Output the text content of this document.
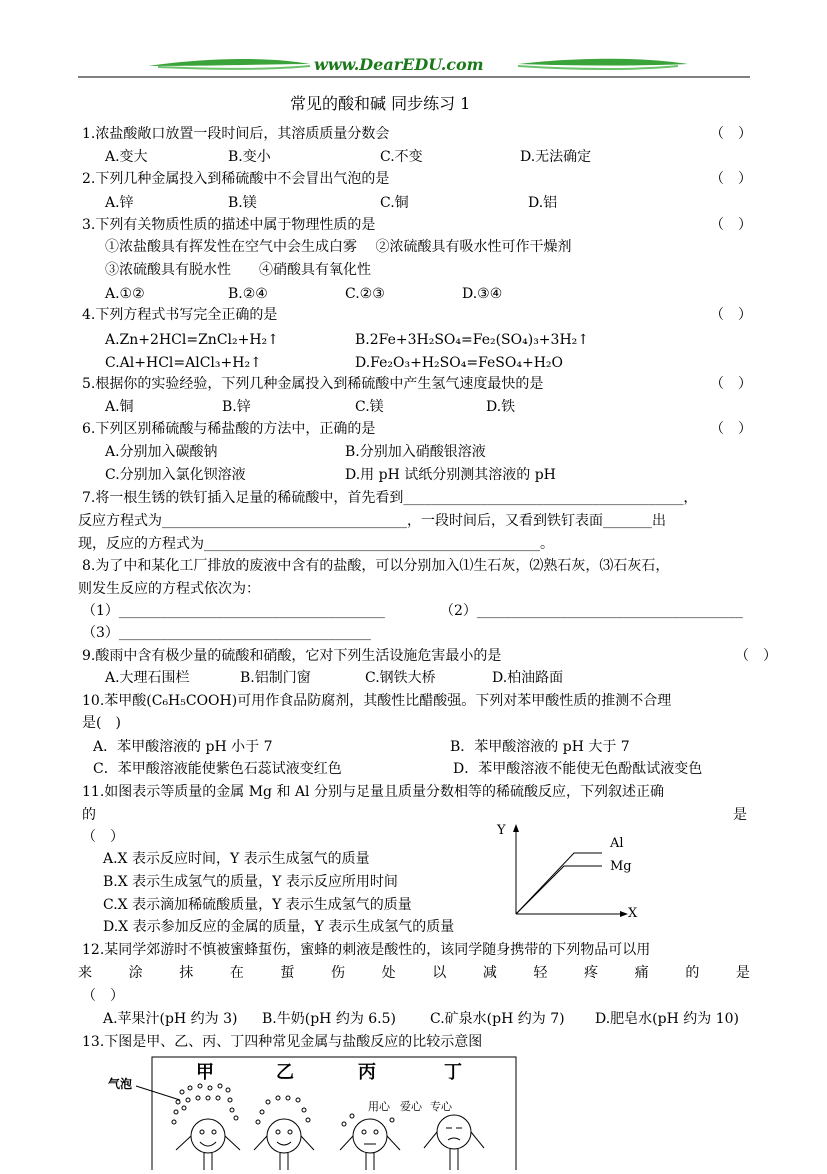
www.DearEDU.com
常见的酸和碱 同步练习 1
1.浓盐酸敞口放置一段时间后，其溶质质量分数会	（　）
A.变大	B.变小	C.不变	D.无法确定
2.下列几种金属投入到稀硫酸中不会冒出气泡的是	（　）
A.锌	B.镁	C.铜	D.铝
3.下列有关物质性质的描述中属于物理性质的是	（　）
①浓盐酸具有挥发性在空气中会生成白雾　 ②浓硫酸具有吸水性可作干燥剂
③浓硫酸具有脱水性　　④硝酸具有氧化性
A.①②	B.②④	C.②③	D.③④
4.下列方程式书写完全正确的是	（　）
A.Zn+2HCl=ZnCl₂+H₂↑	B.2Fe+3H₂SO₄=Fe₂(SO₄)₃+3H₂↑
C.Al+HCl=AlCl₃+H₂↑	D.Fe₂O₃+H₂SO₄=FeSO₄+H₂O
5.根据你的实验经验，下列几种金属投入到稀硫酸中产生氢气速度最快的是	（　）
A.铜	B.锌	C.镁	D.铁
6.下列区别稀硫酸与稀盐酸的方法中，正确的是	（　）
A.分别加入碳酸钠	B.分别加入硝酸银溶液
C.分别加入氯化钡溶液	D.用 pH 试纸分别测其溶液的 pH
7.将一根生锈的铁钉插入足量的稀硫酸中，首先看到________________________________________，
反应方程式为___________________________________，一段时间后，又看到铁钉表面_______出
现，反应的方程式为________________________________________________。
8.为了中和某化工厂排放的废液中含有的盐酸，可以分别加入⑴生石灰，⑵熟石灰，⑶石灰石，
则发生反应的方程式依次为：
（1）______________________________________	（2）______________________________________
（3）____________________________________
9.酸雨中含有极少量的硫酸和硝酸，它对下列生活设施危害最小的是	（　）
A.大理石围栏	B.铝制门窗	C.钢铁大桥	D.柏油路面
10.苯甲酸(C₆H₅COOH)可用作食品防腐剂，其酸性比醋酸强。下列对苯甲酸性质的推测不合理
是(　)
A．苯甲酸溶液的 pH 小于 7	B．苯甲酸溶液的 pH 大于 7
C．苯甲酸溶液能使紫色石蕊试液变红色	D．苯甲酸溶液不能使无色酚酞试液变色
11.如图表示等质量的金属 Mg 和 Al 分别与足量且质量分数相等的稀硫酸反应，下列叙述正确
的	是
（　）
A.X 表示反应时间，Y 表示生成氢气的质量
B.X 表示生成氢气的质量，Y 表示反应所用时间
C.X 表示滴加稀硫酸质量，Y 表示生成氢气的质量
D.X 表示参加反应的金属的质量，Y 表示生成氢气的质量
Y
X
Al
Mg
12.某同学郊游时不慎被蜜蜂蜇伤，蜜蜂的刺液是酸性的，该同学随身携带的下列物品可以用
来	涂	抹	在	蜇	伤	处	以	减	轻	疼	痛	的	是
（　）
A.苹果汁(pH 约为 3) B.牛奶(pH 约为 6.5) C.矿泉水(pH 约为 7) D.肥皂水(pH 约为 10)
13.下图是甲、乙、丙、丁四种常见金属与盐酸反应的比较示意图
甲	乙	丙	丁
气泡
用心 爱心 专心
